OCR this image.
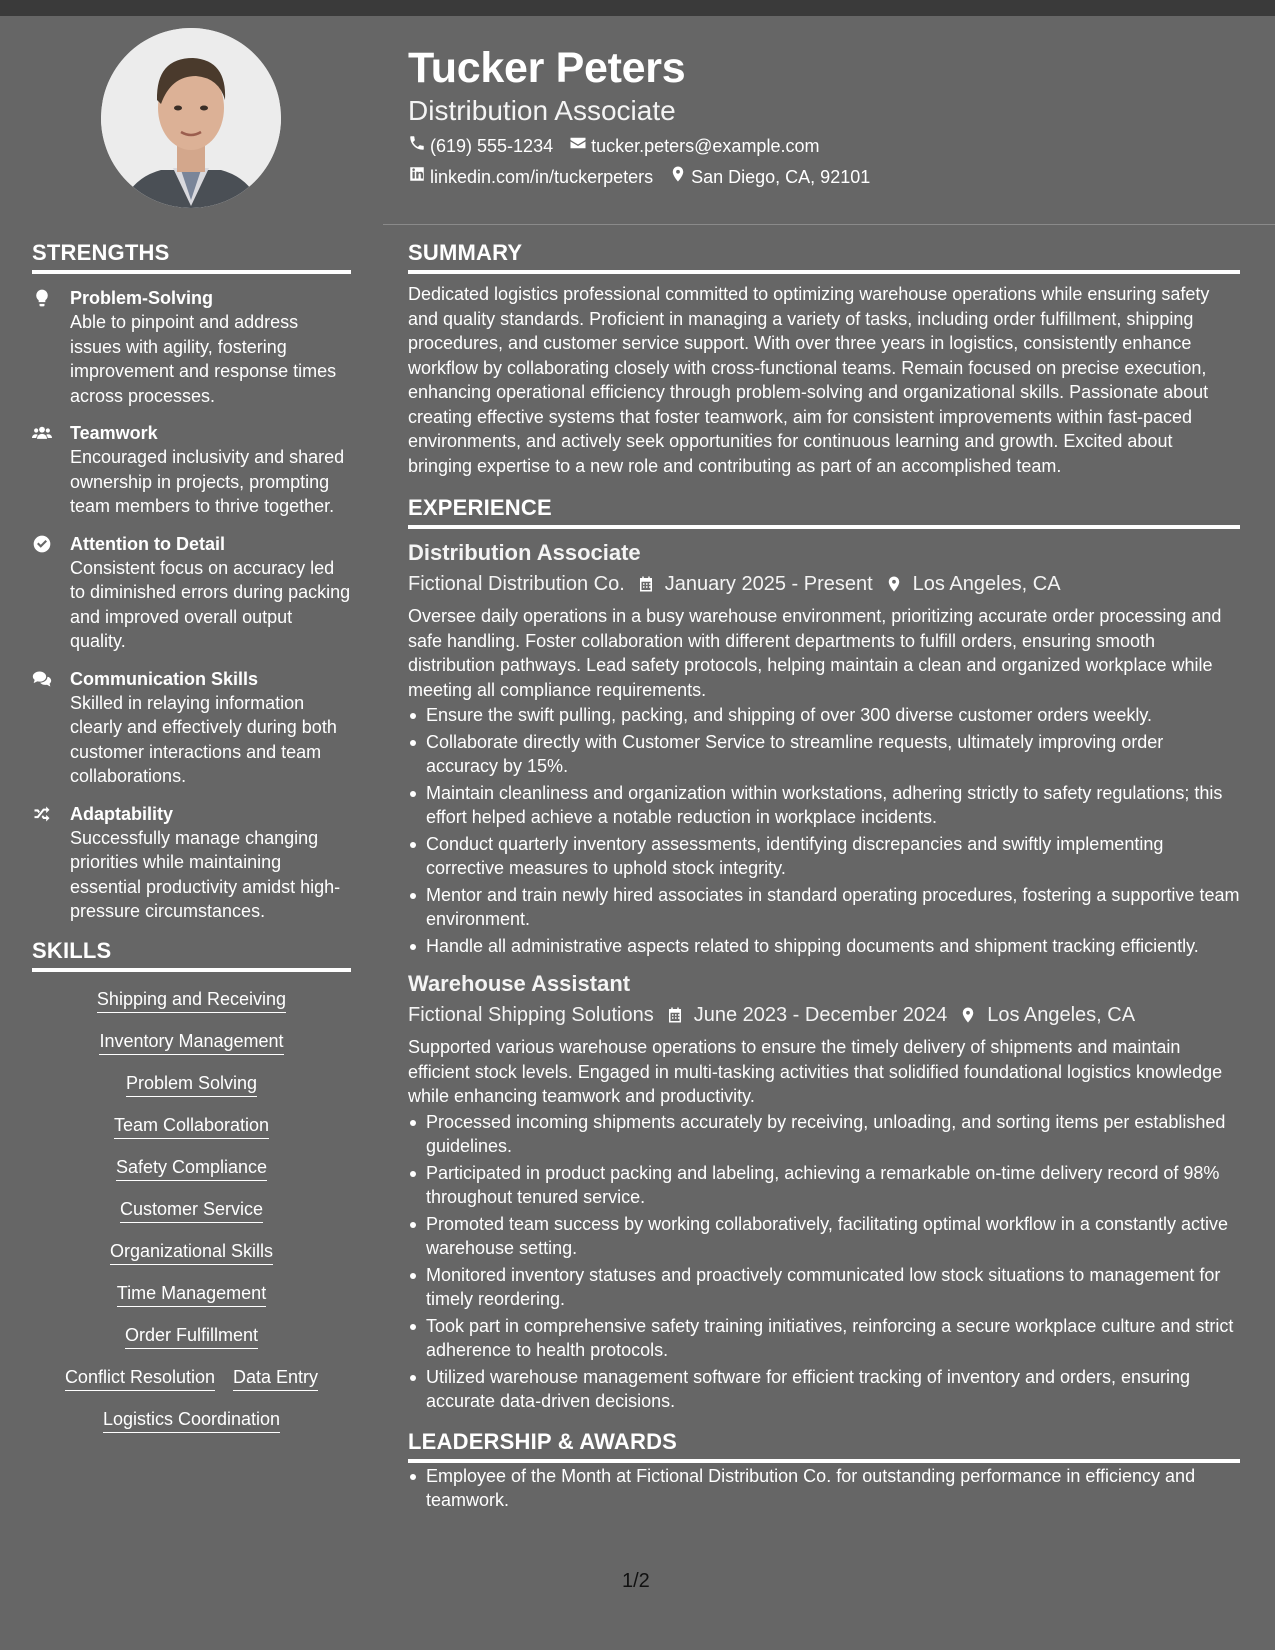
Tucker Peters
Distribution Associate
(619) 555-1234 tucker.peters@example.com
linkedin.com/in/tuckerpeters San Diego, CA, 92101
STRENGTHS
Problem-Solving
Able to pinpoint and address issues with agility, fostering improvement and response times across processes.
Teamwork
Encouraged inclusivity and shared ownership in projects, prompting team members to thrive together.
Attention to Detail
Consistent focus on accuracy led to diminished errors during packing and improved overall output quality.
Communication Skills
Skilled in relaying information clearly and effectively during both customer interactions and team collaborations.
Adaptability
Successfully manage changing priorities while maintaining essential productivity amidst high-pressure circumstances.
SKILLS
Shipping and Receiving
Inventory Management
Problem Solving
Team Collaboration
Safety Compliance
Customer Service
Organizational Skills
Time Management
Order Fulfillment
Conflict Resolution Data Entry
Logistics Coordination
SUMMARY
Dedicated logistics professional committed to optimizing warehouse operations while ensuring safety and quality standards. Proficient in managing a variety of tasks, including order fulfillment, shipping procedures, and customer service support. With over three years in logistics, consistently enhance workflow by collaborating closely with cross-functional teams. Remain focused on precise execution, enhancing operational efficiency through problem-solving and organizational skills. Passionate about creating effective systems that foster teamwork, aim for consistent improvements within fast-paced environments, and actively seek opportunities for continuous learning and growth. Excited about bringing expertise to a new role and contributing as part of an accomplished team.
EXPERIENCE
Distribution Associate
Fictional Distribution Co. January 2025 - Present Los Angeles, CA
Oversee daily operations in a busy warehouse environment, prioritizing accurate order processing and safe handling. Foster collaboration with different departments to fulfill orders, ensuring smooth distribution pathways. Lead safety protocols, helping maintain a clean and organized workplace while meeting all compliance requirements.
Ensure the swift pulling, packing, and shipping of over 300 diverse customer orders weekly.
Collaborate directly with Customer Service to streamline requests, ultimately improving order accuracy by 15%.
Maintain cleanliness and organization within workstations, adhering strictly to safety regulations; this effort helped achieve a notable reduction in workplace incidents.
Conduct quarterly inventory assessments, identifying discrepancies and swiftly implementing corrective measures to uphold stock integrity.
Mentor and train newly hired associates in standard operating procedures, fostering a supportive team environment.
Handle all administrative aspects related to shipping documents and shipment tracking efficiently.
Warehouse Assistant
Fictional Shipping Solutions June 2023 - December 2024 Los Angeles, CA
Supported various warehouse operations to ensure the timely delivery of shipments and maintain efficient stock levels. Engaged in multi-tasking activities that solidified foundational logistics knowledge while enhancing teamwork and productivity.
Processed incoming shipments accurately by receiving, unloading, and sorting items per established guidelines.
Participated in product packing and labeling, achieving a remarkable on-time delivery record of 98% throughout tenured service.
Promoted team success by working collaboratively, facilitating optimal workflow in a constantly active warehouse setting.
Monitored inventory statuses and proactively communicated low stock situations to management for timely reordering.
Took part in comprehensive safety training initiatives, reinforcing a secure workplace culture and strict adherence to health protocols.
Utilized warehouse management software for efficient tracking of inventory and orders, ensuring accurate data-driven decisions.
LEADERSHIP & AWARDS
Employee of the Month at Fictional Distribution Co. for outstanding performance in efficiency and teamwork.
1/2
